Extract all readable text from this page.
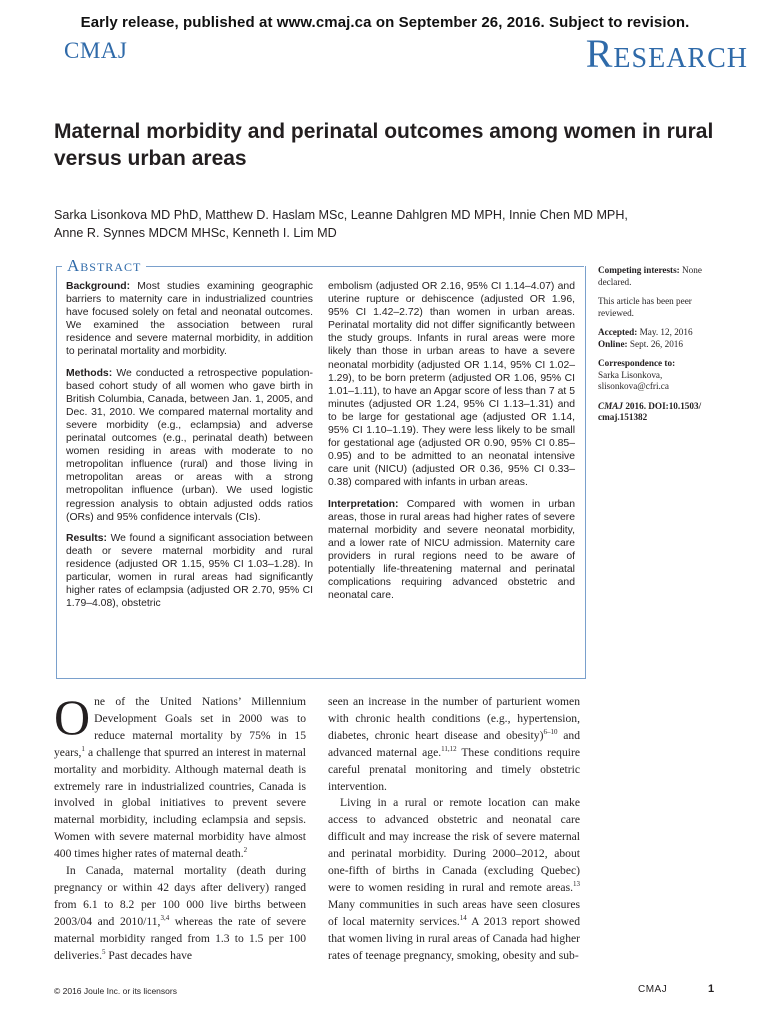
Early release, published at www.cmaj.ca on September 26, 2016. Subject to revision.
CMAJ	Research
Maternal morbidity and perinatal outcomes among women in rural versus urban areas
Sarka Lisonkova MD PhD, Matthew D. Haslam MSc, Leanne Dahlgren MD MPH, Innie Chen MD MPH,
Anne R. Synnes MDCM MHSc, Kenneth I. Lim MD
Abstract

Background: Most studies examining geographic barriers to maternity care in industrialized countries have focused solely on fetal and neonatal outcomes. We examined the association between rural residence and severe maternal morbidity, in addition to perinatal mortality and morbidity.

Methods: We conducted a retrospective population-based cohort study of all women who gave birth in British Columbia, Canada, between Jan. 1, 2005, and Dec. 31, 2010. We compared maternal mortality and severe morbidity (e.g., eclampsia) and adverse perinatal outcomes (e.g., perinatal death) between women residing in areas with moderate to no metropolitan influence (rural) and those living in metropolitan areas or areas with a strong metropolitan influence (urban). We used logistic regression analysis to obtain adjusted odds ratios (ORs) and 95% confidence intervals (CIs).

Results: We found a significant association between death or severe maternal morbidity and rural residence (adjusted OR 1.15, 95% CI 1.03–1.28). In particular, women in rural areas had significantly higher rates of eclampsia (adjusted OR 2.70, 95% CI 1.79–4.08), obstetric

embolism (adjusted OR 2.16, 95% CI 1.14–4.07) and uterine rupture or dehiscence (adjusted OR 1.96, 95% CI 1.42–2.72) than women in urban areas. Perinatal mortality did not differ significantly between the study groups. Infants in rural areas were more likely than those in urban areas to have a severe neonatal morbidity (adjusted OR 1.14, 95% CI 1.02–1.29), to be born preterm (adjusted OR 1.06, 95% CI 1.01–1.11), to have an Apgar score of less than 7 at 5 minutes (adjusted OR 1.24, 95% CI 1.13–1.31) and to be large for gestational age (adjusted OR 1.14, 95% CI 1.10–1.19). They were less likely to be small for gestational age (adjusted OR 0.90, 95% CI 0.85–0.95) and to be admitted to an neonatal intensive care unit (NICU) (adjusted OR 0.36, 95% CI 0.33–0.38) compared with infants in urban areas.

Interpretation: Compared with women in urban areas, those in rural areas had higher rates of severe maternal morbidity and severe neonatal morbidity, and a lower rate of NICU admission. Maternity care providers in rural regions need to be aware of potentially life-threatening maternal and perinatal complications requiring advanced obstetric and neonatal care.

Competing interests: None declared.

This article has been peer reviewed.

Accepted: May. 12, 2016
Online: Sept. 26, 2016

Correspondence to:
Sarka Lisonkova,
slisonkova@cfri.ca

CMAJ 2016. DOI:10.1503/ cmaj.151382

One of the United Nations’ Millennium Development Goals set in 2000 was to reduce maternal mortality by 75% in 15 years,$^1$ a challenge that spurred an interest in maternal mortality and morbidity. Although maternal death is extremely rare in industrialized countries, Canada is involved in global initiatives to prevent severe maternal morbidity, including eclampsia and sepsis. Women with severe maternal morbidity have almost 400 times higher rates of maternal death.$^2$

In Canada, maternal mortality (death during pregnancy or within 42 days after delivery) ranged from 6.1 to 8.2 per 100 000 live births between 2003/04 and 2010/11,$^{3,4}$ whereas the rate of severe maternal morbidity ranged from 1.3 to 1.5 per 100 deliveries.$^5$ Past decades have

seen an increase in the number of parturient women with chronic health conditions (e.g., hypertension, diabetes, chronic heart disease and obesity)$^{6-10}$ and advanced maternal age.$^{11,12}$ These conditions require careful prenatal monitoring and timely obstetric intervention.

Living in a rural or remote location can make access to advanced obstetric and neonatal care difficult and may increase the risk of severe maternal and perinatal morbidity. During 2000–2012, about one-fifth of births in Canada (excluding Quebec) were to women residing in rural and remote areas.$^{13}$ Many communities in such areas have seen closures of local maternity services.$^{14}$ A 2013 report showed that women living in rural areas of Canada had higher rates of teenage pregnancy, smoking, obesity and sub-

© 2016 Joule Inc. or its licensors	CMAJ	1
